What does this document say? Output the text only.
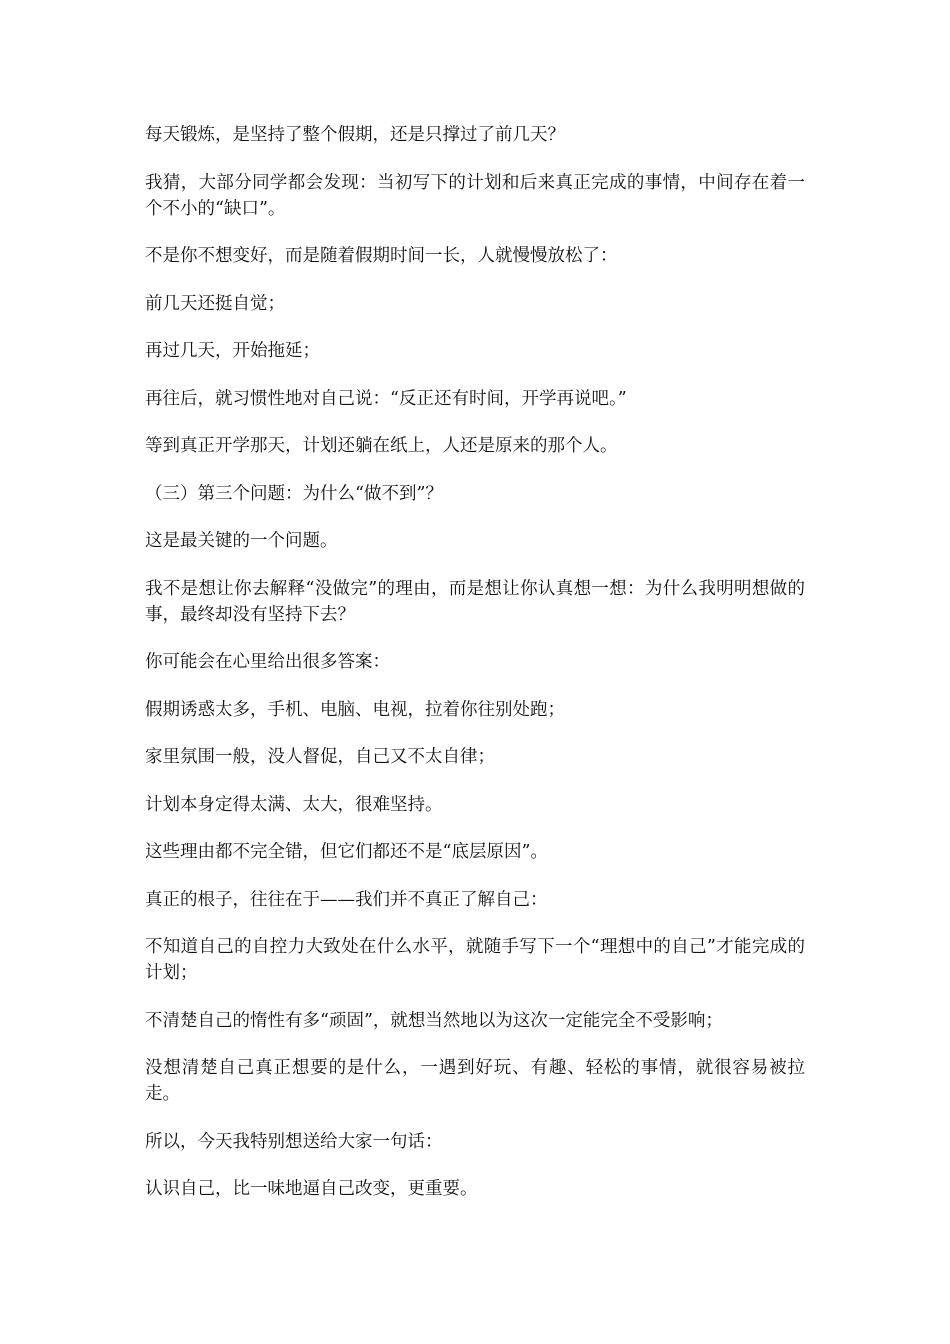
每天锻炼，是坚持了整个假期，还是只撑过了前几天？

我猜，大部分同学都会发现：当初写下的计划和后来真正完成的事情，中间存在着一个不小的“缺口”。

不是你不想变好，而是随着假期时间一长，人就慢慢放松了：

前几天还挺自觉；

再过几天，开始拖延；

再往后，就习惯性地对自己说：“反正还有时间，开学再说吧。”

等到真正开学那天，计划还躺在纸上，人还是原来的那个人。

（三）第三个问题：为什么“做不到”？

这是最关键的一个问题。

我不是想让你去解释“没做完”的理由，而是想让你认真想一想：为什么我明明想做的事，最终却没有坚持下去？

你可能会在心里给出很多答案：

假期诱惑太多，手机、电脑、电视，拉着你往别处跑；

家里氛围一般，没人督促，自己又不太自律；

计划本身定得太满、太大，很难坚持。

这些理由都不完全错，但它们都还不是“底层原因”。

真正的根子，往往在于——我们并不真正了解自己：

不知道自己的自控力大致处在什么水平，就随手写下一个“理想中的自己”才能完成的计划；

不清楚自己的惰性有多“顽固”，就想当然地以为这次一定能完全不受影响；

没想清楚自己真正想要的是什么，一遇到好玩、有趣、轻松的事情，就很容易被拉走。

所以，今天我特别想送给大家一句话：

认识自己，比一味地逼自己改变，更重要。
